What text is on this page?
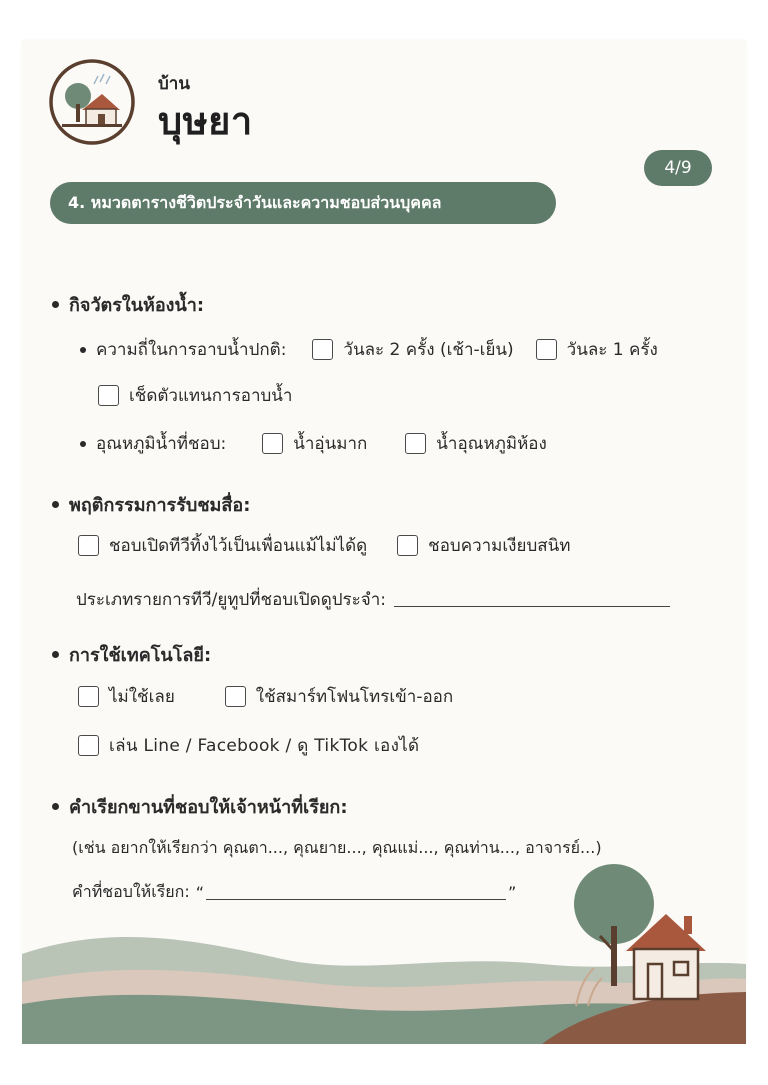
บ้าน
บุษยา
4/9
4. หมวดตารางชีวิตประจำวันและความชอบส่วนบุคคล
กิจวัตรในห้องน้ำ:
ความถี่ในการอาบน้ำปกติ:	วันละ 2 ครั้ง (เช้า-เย็น)	วันละ 1 ครั้ง
เช็ดตัวแทนการอาบน้ำ
อุณหภูมิน้ำที่ชอบ:	น้ำอุ่นมาก	น้ำอุณหภูมิห้อง
พฤติกรรมการรับชมสื่อ:
ชอบเปิดทีวีทิ้งไว้เป็นเพื่อนแม้ไม่ได้ดู	ชอบความเงียบสนิท
ประเภทรายการทีวี/ยูทูปที่ชอบเปิดดูประจำ:
การใช้เทคโนโลยี:
ไม่ใช้เลย	ใช้สมาร์ทโฟนโทรเข้า-ออก
เล่น Line / Facebook / ดู TikTok เองได้
คำเรียกขานที่ชอบให้เจ้าหน้าที่เรียก:
(เช่น อยากให้เรียกว่า คุณตา..., คุณยาย..., คุณแม่..., คุณท่าน..., อาจารย์...)
คำที่ชอบให้เรียก: “	”
